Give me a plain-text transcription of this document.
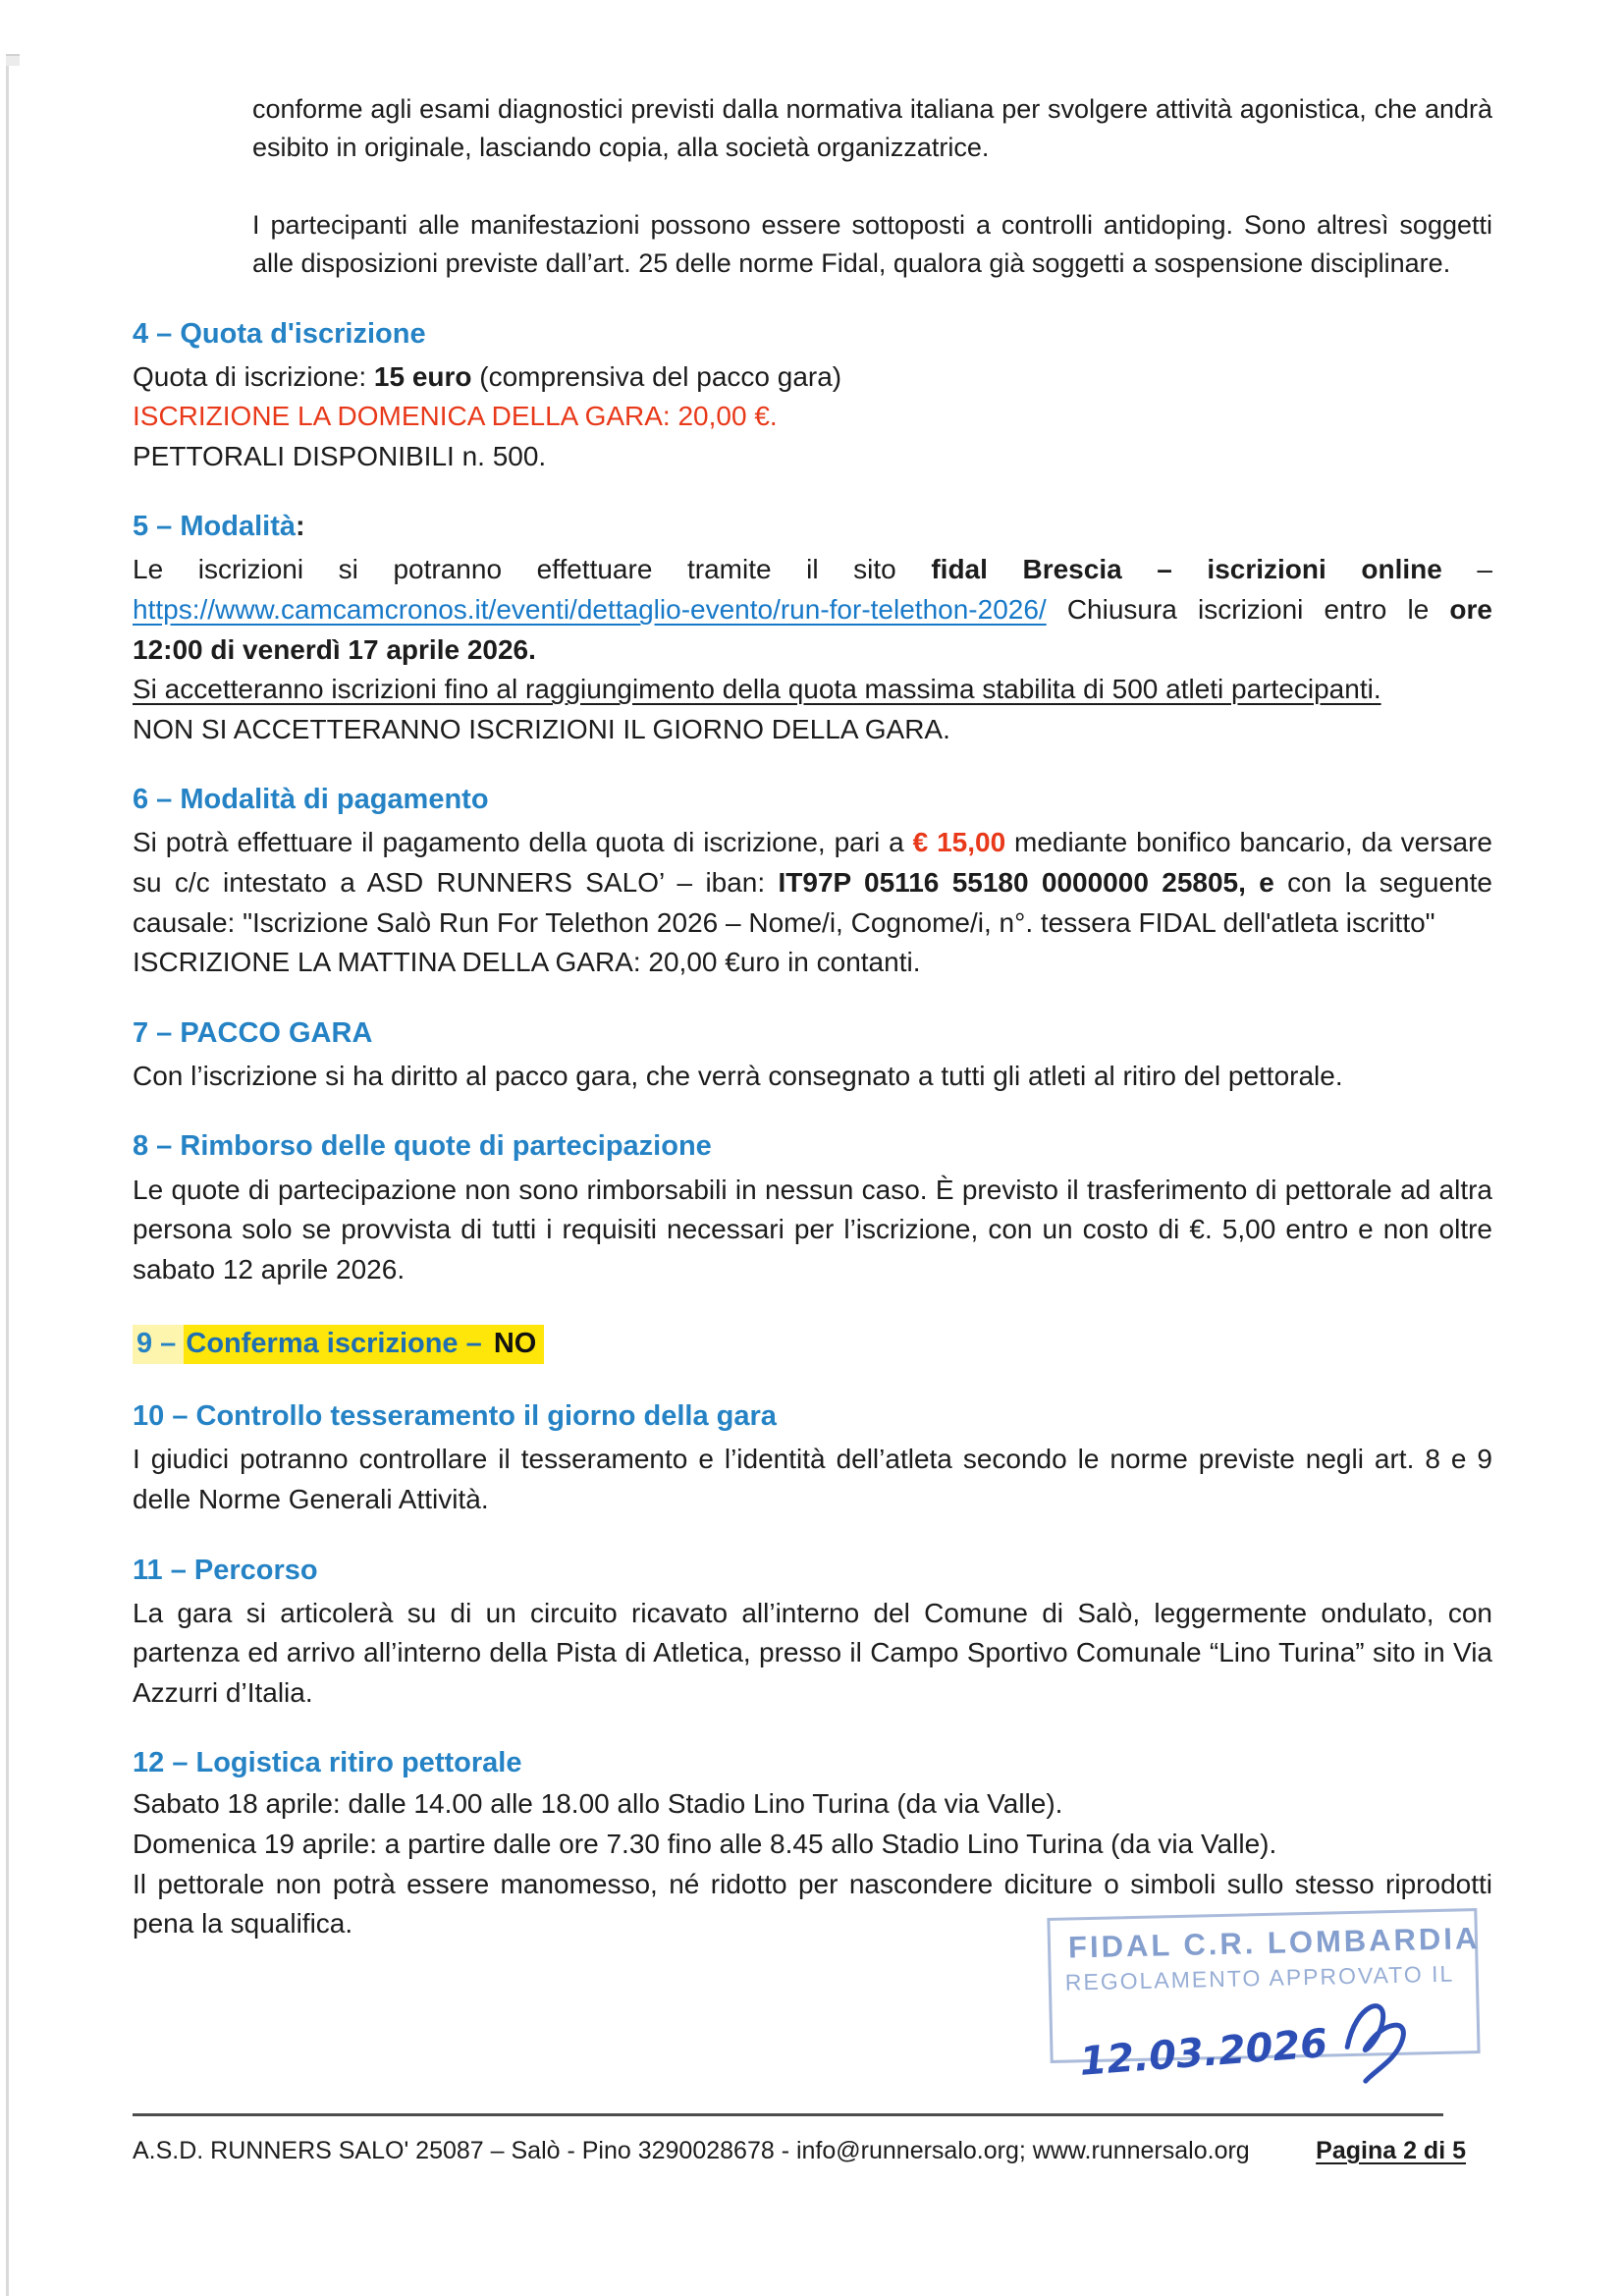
conforme agli esami diagnostici previsti dalla normativa italiana per svolgere attività agonistica, che andrà esibito in originale, lasciando copia, alla società organizzatrice.

I partecipanti alle manifestazioni possono essere sottoposti a controlli antidoping. Sono altresì soggetti alle disposizioni previste dall’art. 25 delle norme Fidal, qualora già soggetti a sospensione disciplinare.

4 – Quota d'iscrizione

Quota di iscrizione: 15 euro (comprensiva del pacco gara)

ISCRIZIONE LA DOMENICA DELLA GARA: 20,00 €.

PETTORALI DISPONIBILI n. 500.

5 – Modalità:

Le iscrizioni si potranno effettuare tramite il sito fidal Brescia – iscrizioni online – https://www.camcamcronos.it/eventi/dettaglio-evento/run-for-telethon-2026/ Chiusura iscrizioni entro le ore 12:00 di venerdì 17 aprile 2026.

Si accetteranno iscrizioni fino al raggiungimento della quota massima stabilita di 500 atleti partecipanti.

NON SI ACCETTERANNO ISCRIZIONI IL GIORNO DELLA GARA.

6 – Modalità di pagamento

Si potrà effettuare il pagamento della quota di iscrizione, pari a € 15,00 mediante bonifico bancario, da versare su c/c intestato a ASD RUNNERS SALO’ – iban: IT97P 05116 55180 0000000 25805, e con la seguente causale: "Iscrizione Salò Run For Telethon 2026 – Nome/i, Cognome/i, n°. tessera FIDAL dell'atleta iscritto"

ISCRIZIONE LA MATTINA DELLA GARA: 20,00 €uro in contanti.

7 – PACCO GARA

Con l’iscrizione si ha diritto al pacco gara, che verrà consegnato a tutti gli atleti al ritiro del pettorale.

8 – Rimborso delle quote di partecipazione

Le quote di partecipazione non sono rimborsabili in nessun caso. È previsto il trasferimento di pettorale ad altra persona solo se provvista di tutti i requisiti necessari per l’iscrizione, con un costo di €. 5,00 entro e non oltre sabato 12 aprile 2026.

9 – Conferma iscrizione – NO

10 – Controllo tesseramento il giorno della gara

I giudici potranno controllare il tesseramento e l’identità dell’atleta secondo le norme previste negli art. 8 e 9 delle Norme Generali Attività.

11 – Percorso

La gara si articolerà su di un circuito ricavato all’interno del Comune di Salò, leggermente ondulato, con partenza ed arrivo all’interno della Pista di Atletica, presso il Campo Sportivo Comunale “Lino Turina” sito in Via Azzurri d’Italia.

12 – Logistica ritiro pettorale

Sabato 18 aprile: dalle 14.00 alle 18.00 allo Stadio Lino Turina (da via Valle).

Domenica 19 aprile: a partire dalle ore 7.30 fino alle 8.45 allo Stadio Lino Turina (da via Valle).

Il pettorale non potrà essere manomesso, né ridotto per nascondere diciture o simboli sullo stesso riprodotti pena la squalifica.	FIDAL C.R. LOMBARDIA
REGOLAMENTO APPROVATO IL
12.03.2026
A.S.D. RUNNERS SALO' 25087 – Salò - Pino 3290028678 - info@runnersalo.org; www.runnersalo.org	Pagina 2 di 5
